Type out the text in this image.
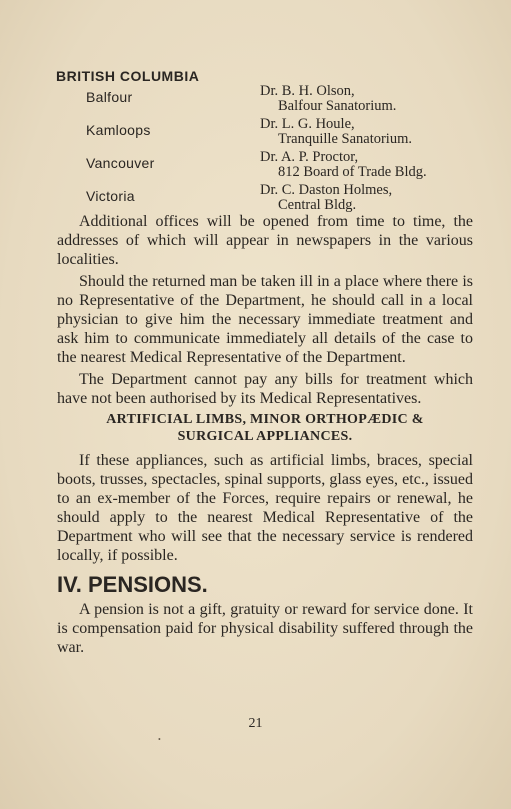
BRITISH COLUMBIA
Balfour	Dr. B. H. Olson,
Balfour Sanatorium.
Kamloops	Dr. L. G. Houle,
Tranquille Sanatorium.
Vancouver	Dr. A. P. Proctor,
812 Board of Trade Bldg.
Victoria	Dr. C. Daston Holmes,
Central Bldg.

Additional offices will be opened from time to time, the addresses of which will appear in newspapers in the various localities.

Should the returned man be taken ill in a place where there is no Representative of the Department, he should call in a local physician to give him the necessary immediate treatment and ask him to communicate immediately all details of the case to the nearest Medical Representative of the Department.

The Department cannot pay any bills for treatment which have not been authorised by its Medical Representatives.

ARTIFICIAL LIMBS, MINOR ORTHOPÆDIC &
SURGICAL APPLIANCES.

If these appliances, such as artificial limbs, braces, special boots, trusses, spectacles, spinal supports, glass eyes, etc., issued to an ex-member of the Forces, require repairs or renewal, he should apply to the nearest Medical Representative of the Department who will see that the necessary service is rendered locally, if possible.

IV. PENSIONS.

A pension is not a gift, gratuity or reward for service done. It is compensation paid for physical disability suffered through the war.

21
•
